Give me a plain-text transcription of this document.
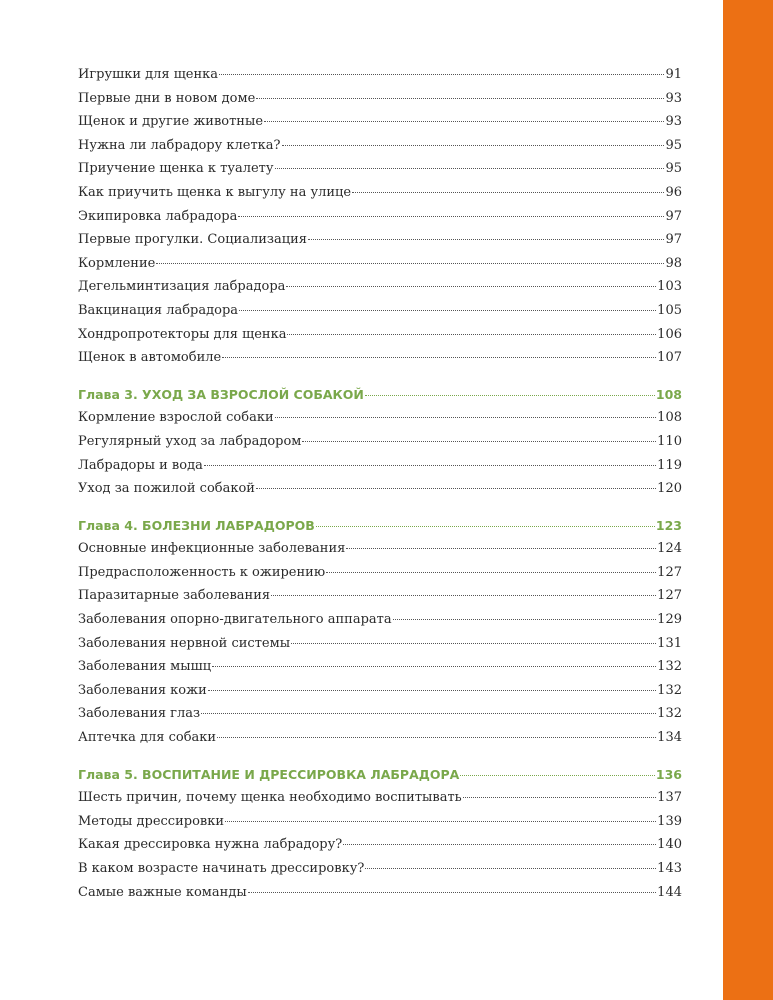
Игрушки для щенка	91
Первые дни в новом доме	93
Щенок и другие животные	93
Нужна ли лабрадору клетка?	95
Приучение щенка к туалету	95
Как приучить щенка к выгулу на улице	96
Экипировка лабрадора	97
Первые прогулки. Социализация	97
Кормление	98
Дегельминтизация лабрадора	103
Вакцинация лабрадора	105
Хондропротекторы для щенка	106
Щенок в автомобиле	107
Глава 3. УХОД ЗА ВЗРОСЛОЙ СОБАКОЙ	108
Кормление взрослой собаки	108
Регулярный уход за лабрадором	110
Лабрадоры и вода	119
Уход за пожилой собакой	120
Глава 4. БОЛЕЗНИ ЛАБРАДОРОВ	123
Основные инфекционные заболевания	124
Предрасположенность к ожирению	127
Паразитарные заболевания	127
Заболевания опорно-двигательного аппарата	129
Заболевания нервной системы	131
Заболевания мышц	132
Заболевания кожи	132
Заболевания глаз	132
Аптечка для собаки	134
Глава 5. ВОСПИТАНИЕ И ДРЕССИРОВКА ЛАБРАДОРА	136
Шесть причин, почему щенка необходимо воспитывать	137
Методы дрессировки	139
Какая дрессировка нужна лабрадору?	140
В каком возрасте начинать дрессировку?	143
Самые важные команды	144
